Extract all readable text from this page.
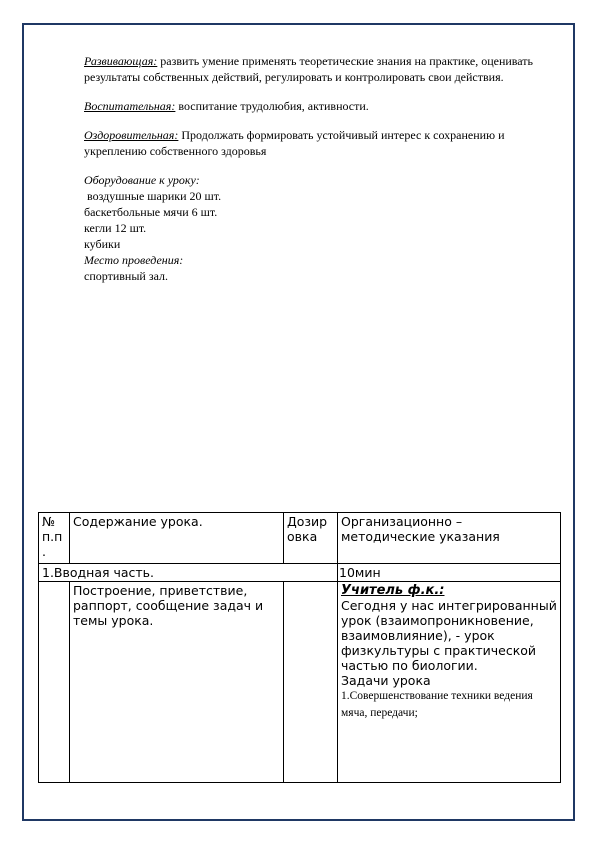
Развивающая: развить умение применять теоретические знания на практике, оценивать результаты собственных действий, регулировать и контролировать свои действия.

Воспитательная: воспитание трудолюбия, активности.

Оздоровительная: Продолжать формировать устойчивый интерес к сохранению и укреплению собственного здоровья

Оборудование к уроку:

воздушные шарики 20 шт.

баскетбольные мячи 6 шт.

кегли 12 шт.

кубики

Место проведения:

спортивный зал.

№ п.п .	Содержание урока.	Дозировка	Организационно – методические указания
1.Вводная часть. 10мин			

	Построение, приветствие, раппорт, сообщение задач и темы урока.		Учитель ф.к.:
Сегодня у нас интегрированный урок (взаимопроникновение, взаимовлияние), - урок физкультуры с практической частью по биологии.
Задачи урока
1.Совершенствование техники ведения мяча, передачи;
